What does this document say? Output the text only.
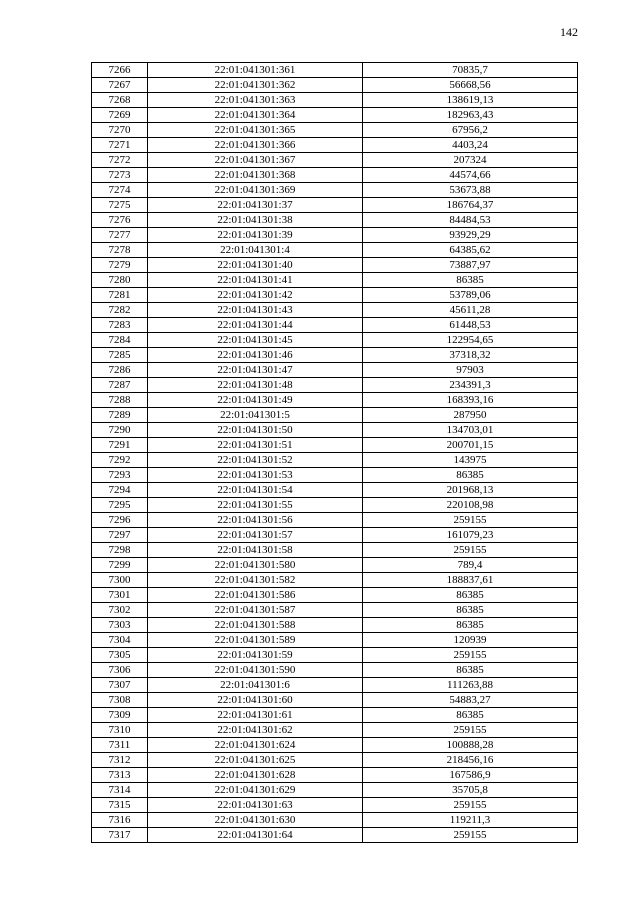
142
7266	22:01:041301:361	70835,7
7267	22:01:041301:362	56668,56
7268	22:01:041301:363	138619,13
7269	22:01:041301:364	182963,43
7270	22:01:041301:365	67956,2
7271	22:01:041301:366	4403,24
7272	22:01:041301:367	207324
7273	22:01:041301:368	44574,66
7274	22:01:041301:369	53673,88
7275	22:01:041301:37	186764,37
7276	22:01:041301:38	84484,53
7277	22:01:041301:39	93929,29
7278	22:01:041301:4	64385,62
7279	22:01:041301:40	73887,97
7280	22:01:041301:41	86385
7281	22:01:041301:42	53789,06
7282	22:01:041301:43	45611,28
7283	22:01:041301:44	61448,53
7284	22:01:041301:45	122954,65
7285	22:01:041301:46	37318,32
7286	22:01:041301:47	97903
7287	22:01:041301:48	234391,3
7288	22:01:041301:49	168393,16
7289	22:01:041301:5	287950
7290	22:01:041301:50	134703,01
7291	22:01:041301:51	200701,15
7292	22:01:041301:52	143975
7293	22:01:041301:53	86385
7294	22:01:041301:54	201968,13
7295	22:01:041301:55	220108,98
7296	22:01:041301:56	259155
7297	22:01:041301:57	161079,23
7298	22:01:041301:58	259155
7299	22:01:041301:580	789,4
7300	22:01:041301:582	188837,61
7301	22:01:041301:586	86385
7302	22:01:041301:587	86385
7303	22:01:041301:588	86385
7304	22:01:041301:589	120939
7305	22:01:041301:59	259155
7306	22:01:041301:590	86385
7307	22:01:041301:6	111263,88
7308	22:01:041301:60	54883,27
7309	22:01:041301:61	86385
7310	22:01:041301:62	259155
7311	22:01:041301:624	100888,28
7312	22:01:041301:625	218456,16
7313	22:01:041301:628	167586,9
7314	22:01:041301:629	35705,8
7315	22:01:041301:63	259155
7316	22:01:041301:630	119211,3
7317	22:01:041301:64	259155
